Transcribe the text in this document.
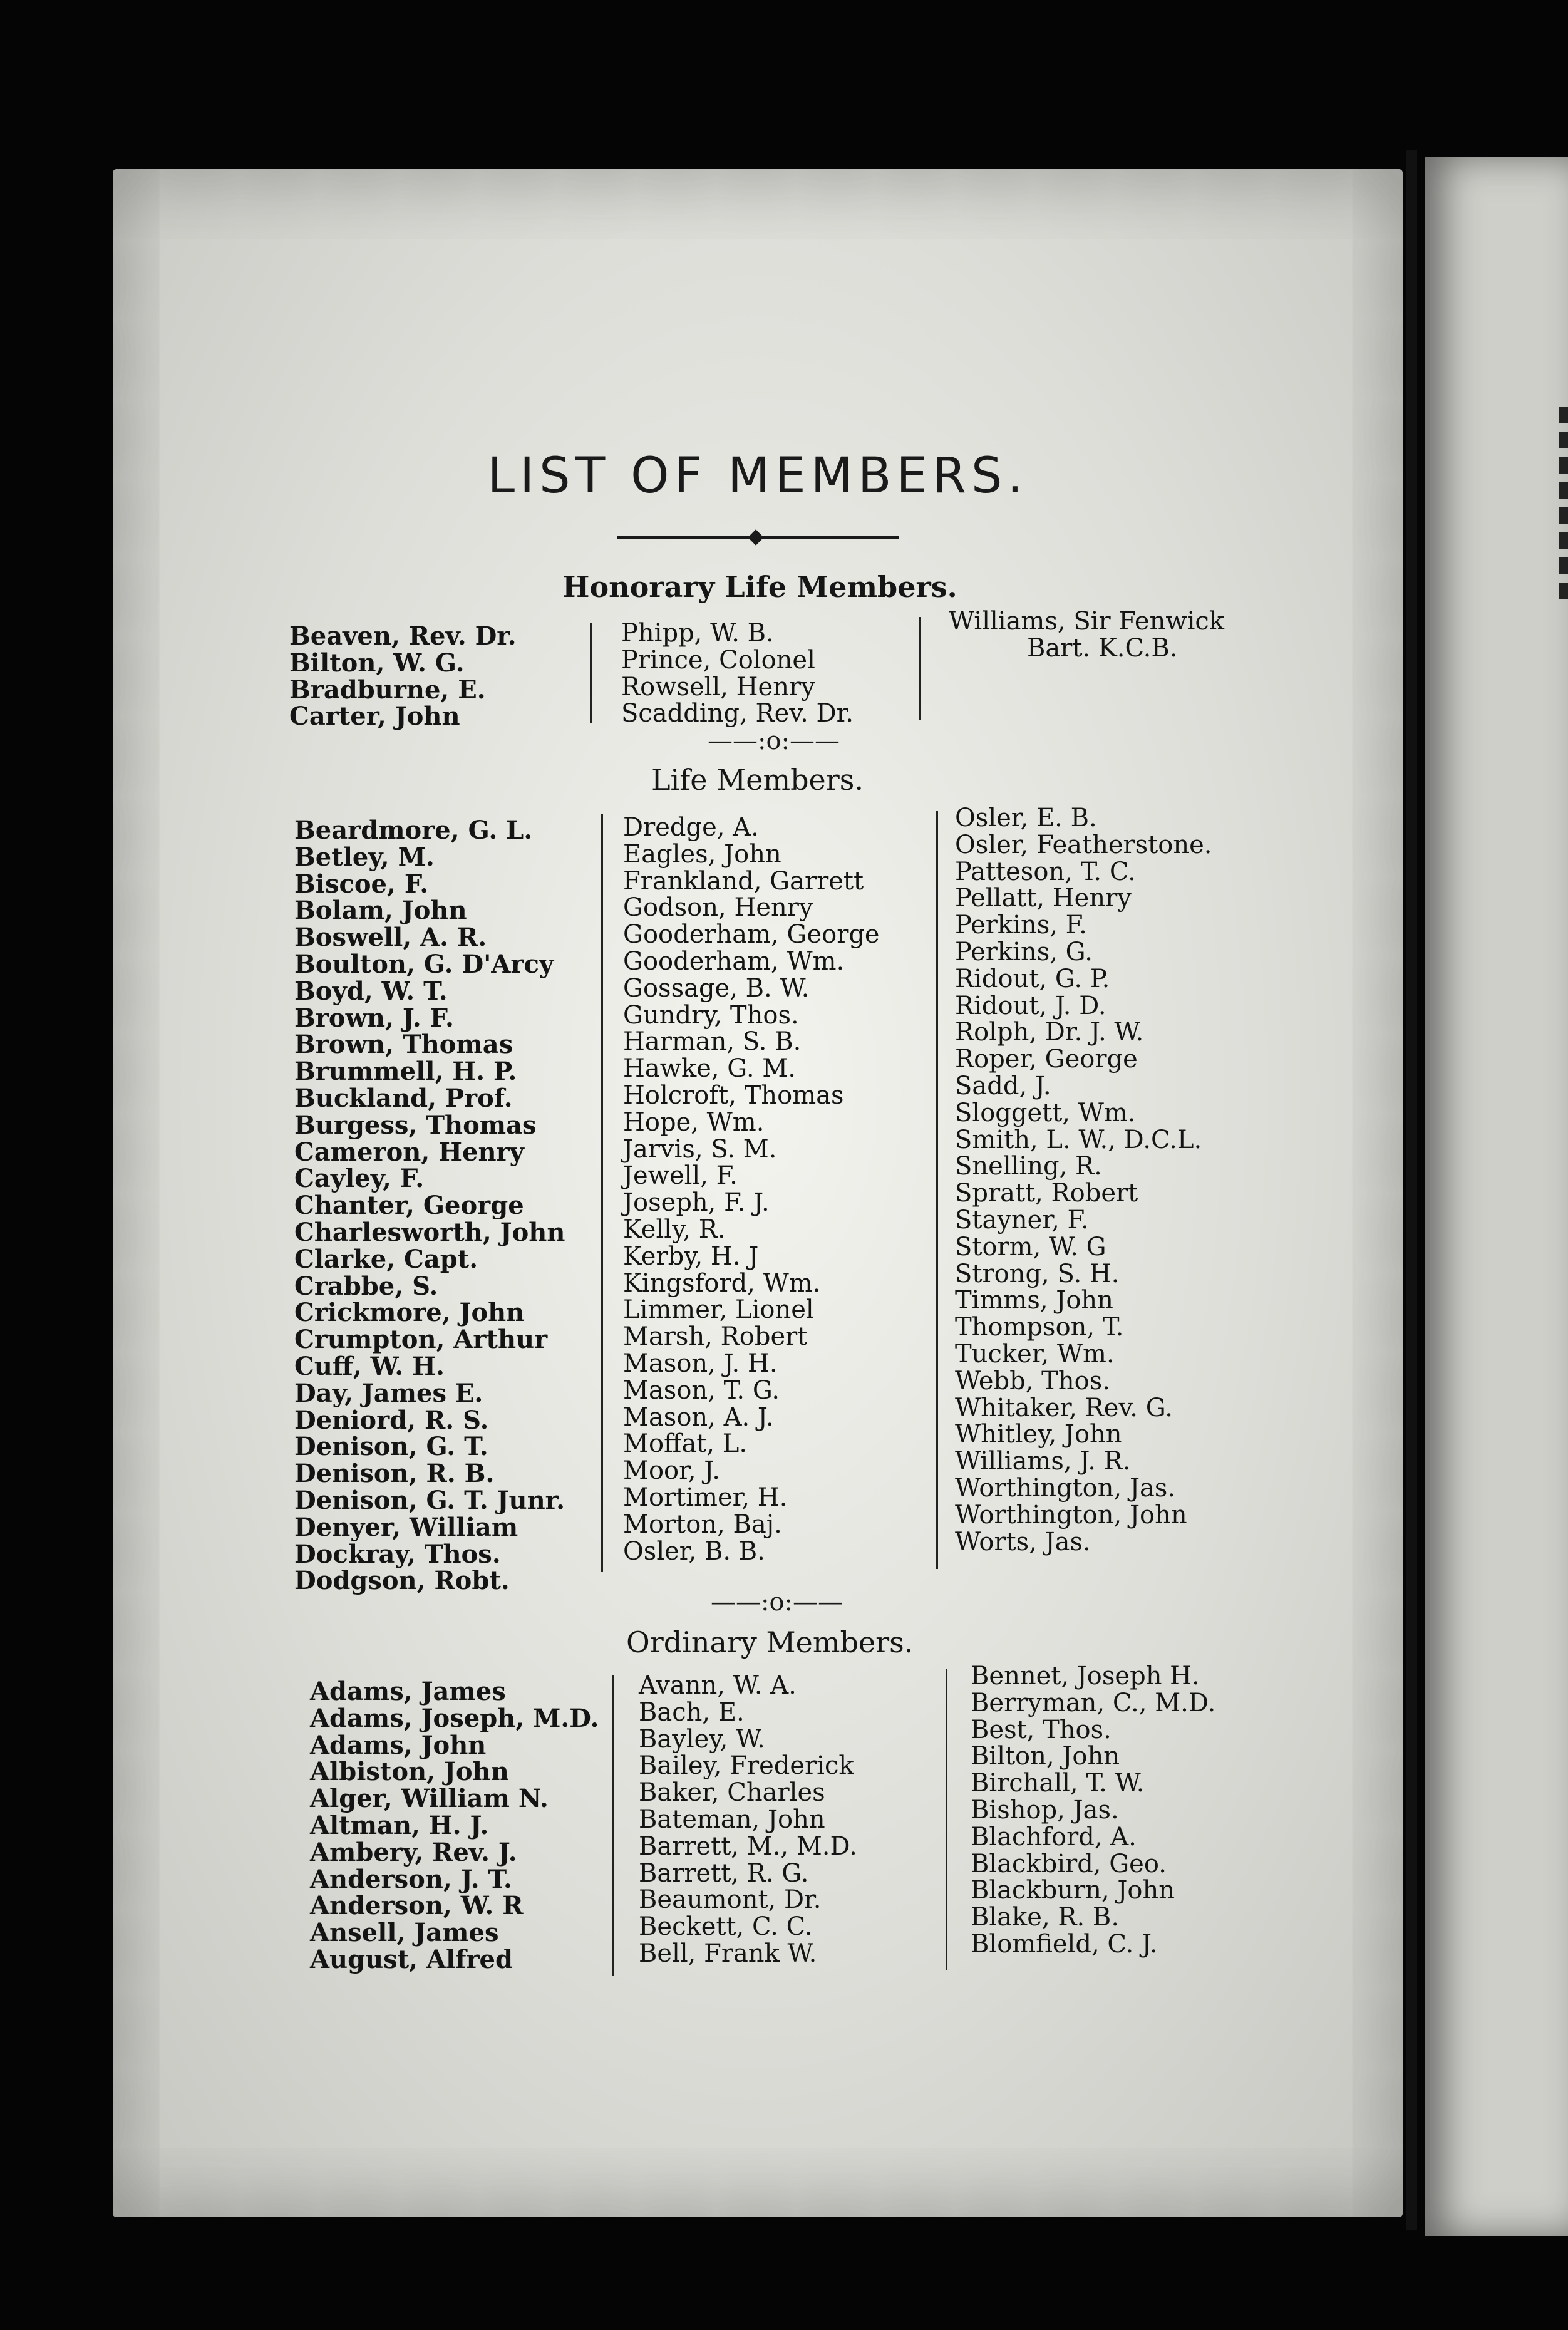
LIST OF MEMBERS.
Honorary Life Members.
Beaven, Rev. Dr.
Bilton, W. G.
Bradburne, E.
Carter, John
Phipp, W. B.
Prince, Colonel
Rowsell, Henry
Scadding, Rev. Dr.
Williams, Sir Fenwick
Bart. K.C.B.
——:o:——
Life Members.
Beardmore, G. L.
Betley, M.
Biscoe, F.
Bolam, John
Boswell, A. R.
Boulton, G. D'Arcy
Boyd, W. T.
Brown, J. F.
Brown, Thomas
Brummell, H. P.
Buckland, Prof.
Burgess, Thomas
Cameron, Henry
Cayley, F.
Chanter, George
Charlesworth, John
Clarke, Capt.
Crabbe, S.
Crickmore, John
Crumpton, Arthur
Cuff, W. H.
Day, James E.
Deniord, R. S.
Denison, G. T.
Denison, R. B.
Denison, G. T. Junr.
Denyer, William
Dockray, Thos.
Dodgson, Robt.
Dredge, A.
Eagles, John
Frankland, Garrett
Godson, Henry
Gooderham, George
Gooderham, Wm.
Gossage, B. W.
Gundry, Thos.
Harman, S. B.
Hawke, G. M.
Holcroft, Thomas
Hope, Wm.
Jarvis, S. M.
Jewell, F.
Joseph, F. J.
Kelly, R.
Kerby, H. J
Kingsford, Wm.
Limmer, Lionel
Marsh, Robert
Mason, J. H.
Mason, T. G.
Mason, A. J.
Moffat, L.
Moor, J.
Mortimer, H.
Morton, Baj.
Osler, B. B.
Osler, E. B.
Osler, Featherstone.
Patteson, T. C.
Pellatt, Henry
Perkins, F.
Perkins, G.
Ridout, G. P.
Ridout, J. D.
Rolph, Dr. J. W.
Roper, George
Sadd, J.
Sloggett, Wm.
Smith, L. W., D.C.L.
Snelling, R.
Spratt, Robert
Stayner, F.
Storm, W. G
Strong, S. H.
Timms, John
Thompson, T.
Tucker, Wm.
Webb, Thos.
Whitaker, Rev. G.
Whitley, John
Williams, J. R.
Worthington, Jas.
Worthington, John
Worts, Jas.
——:o:——
Ordinary Members.
Adams, James
Adams, Joseph, M.D.
Adams, John
Albiston, John
Alger, William N.
Altman, H. J.
Ambery, Rev. J.
Anderson, J. T.
Anderson, W. R
Ansell, James
August, Alfred
Avann, W. A.
Bach, E.
Bayley, W.
Bailey, Frederick
Baker, Charles
Bateman, John
Barrett, M., M.D.
Barrett, R. G.
Beaumont, Dr.
Beckett, C. C.
Bell, Frank W.
Bennet, Joseph H.
Berryman, C., M.D.
Best, Thos.
Bilton, John
Birchall, T. W.
Bishop, Jas.
Blachford, A.
Blackbird, Geo.
Blackburn, John
Blake, R. B.
Blomfield, C. J.
